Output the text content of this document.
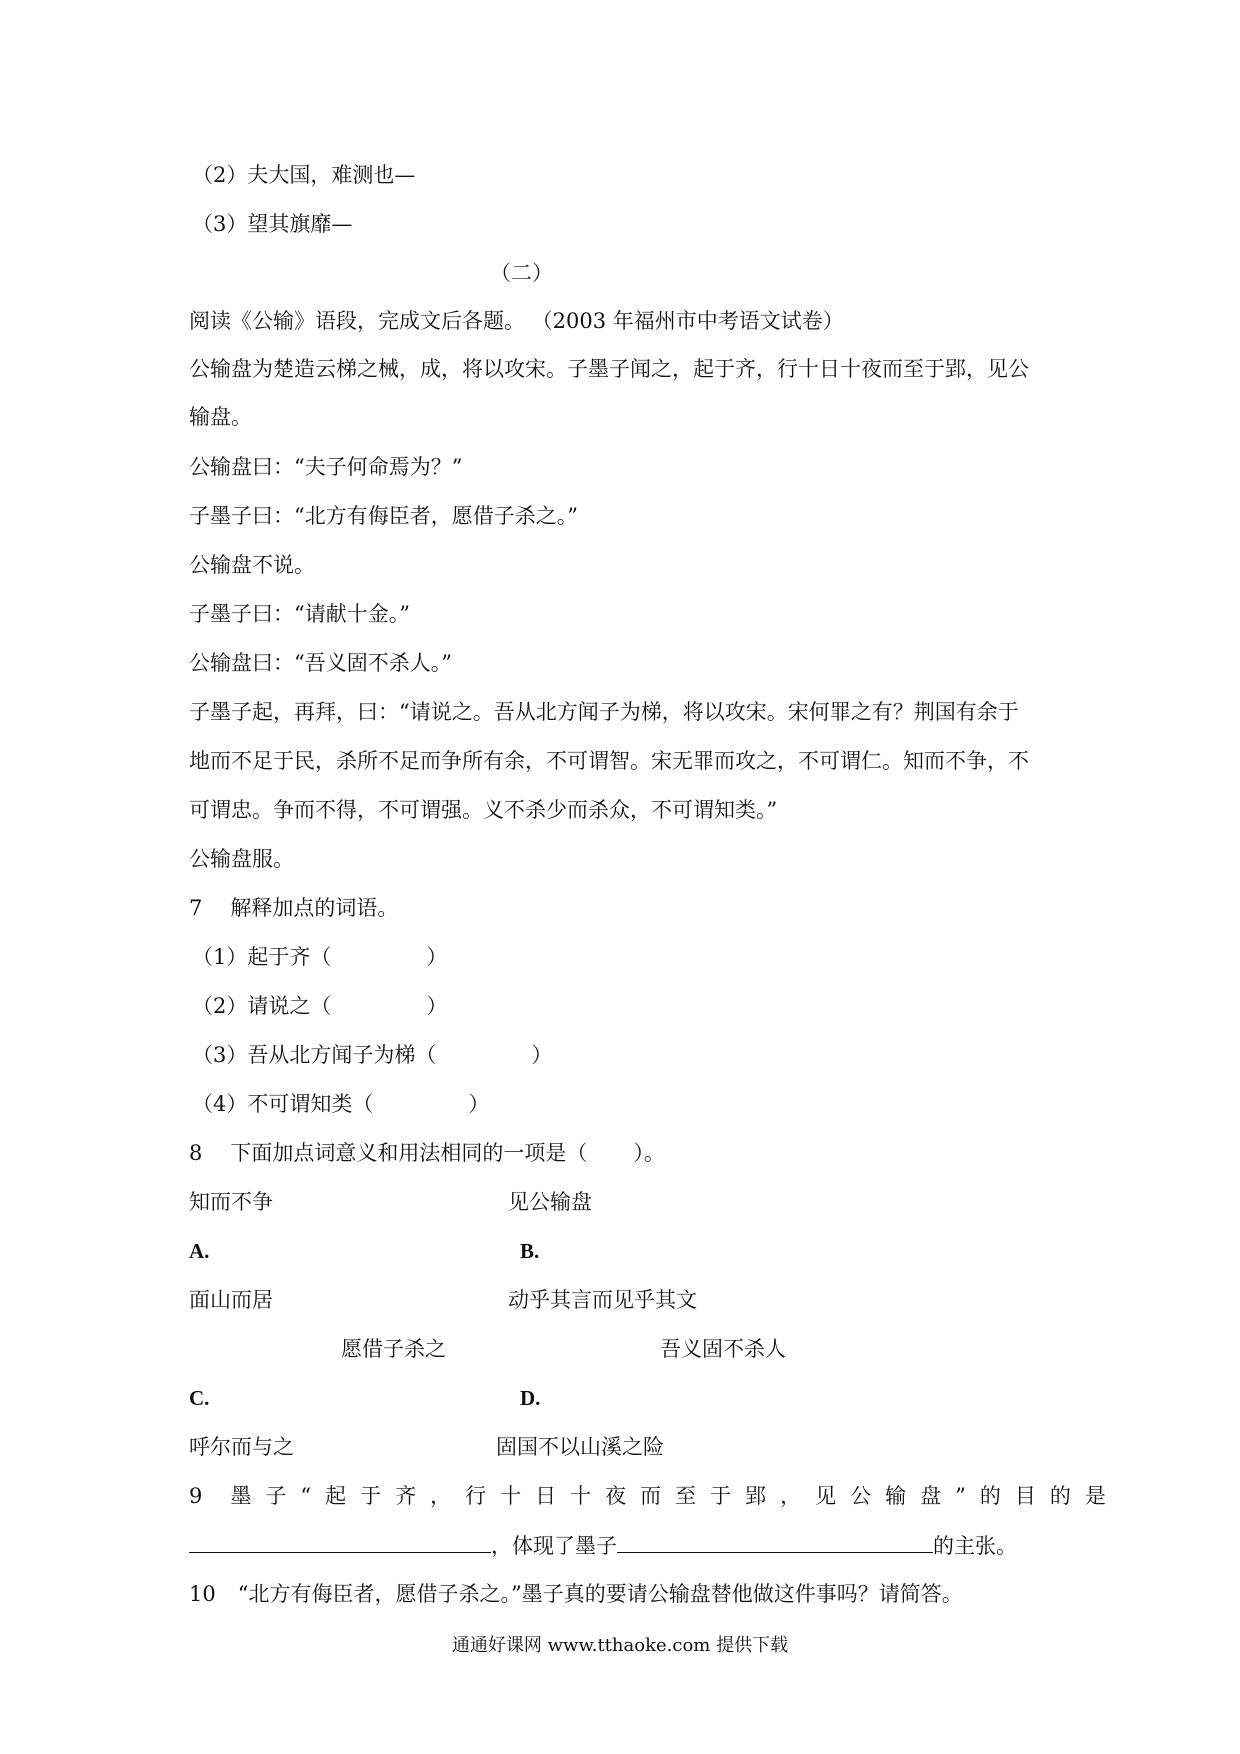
（2）夫大国，难测也—
（3）望其旗靡—
（二）
阅读《公输》语段，完成文后各题。 （2003 年福州市中考语文试卷）
公输盘为楚造云梯之械，成，将以攻宋。子墨子闻之，起于齐，行十日十夜而至于郢，见公
输盘。
公输盘曰：“夫子何命焉为？”
子墨子曰：“北方有侮臣者，愿借子杀之。”
公输盘不说。
子墨子曰：“请献十金。”
公输盘曰：“吾义固不杀人。”
子墨子起，再拜，曰：“请说之。吾从北方闻子为梯，将以攻宋。宋何罪之有？荆国有余于
地而不足于民，杀所不足而争所有余，不可谓智。宋无罪而攻之，不可谓仁。知而不争，不
可谓忠。争而不得，不可谓强。义不杀少而杀众，不可谓知类。”
公输盘服。
7 解释加点的词语。
（1）起于齐（	）
（2）请说之（	）
（3）吾从北方闻子为梯（	）
（4）不可谓知类（	）
8 下面加点词意义和用法相同的一项是（ ）。
知而不争	见公输盘
A.	B.
面山而居	动乎其言而见乎其文
愿借子杀之	吾义固不杀人
C.	D.
呼尔而与之	固国不以山溪之险
9 墨子“起于齐，行十日十夜而至于郢，见公输盘”的目的是
，体现了墨子	的主张。
10 “北方有侮臣者，愿借子杀之。”墨子真的要请公输盘替他做这件事吗？请简答。
通通好课网 www.tthaoke.com 提供下载
